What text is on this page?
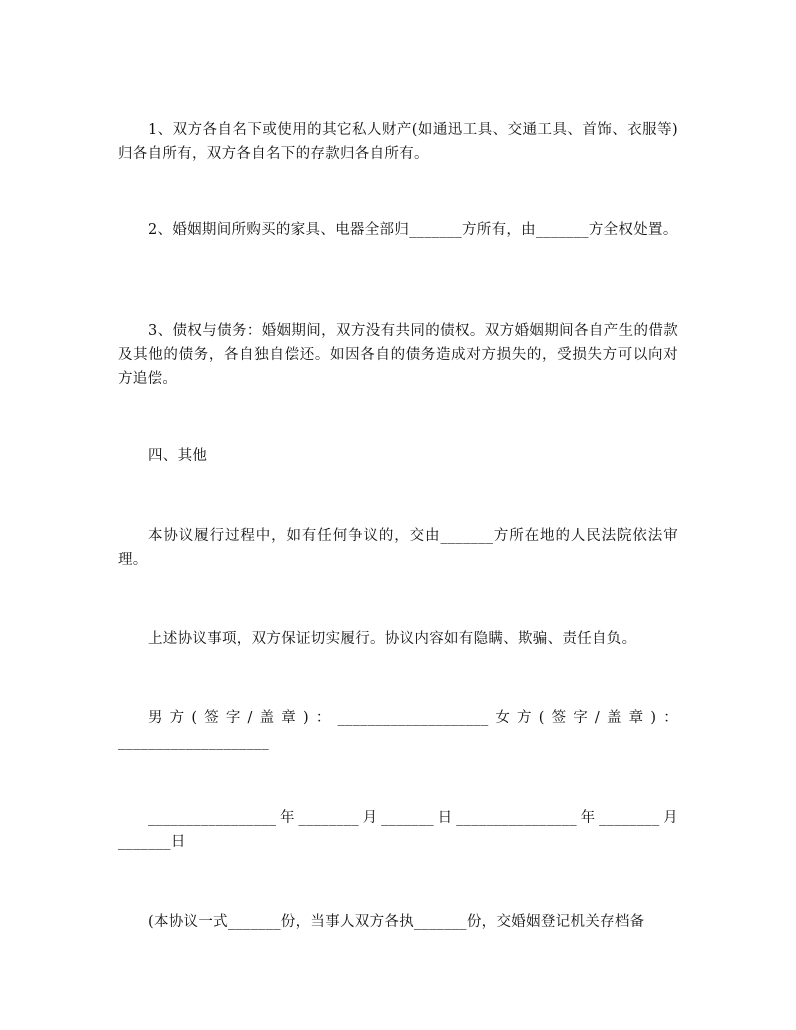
1、双方各自名下或使用的其它私人财产(如通迅工具、交通工具、首饰、衣服等)归各自所有，双方各自名下的存款归各自所有。

2、婚姻期间所购买的家具、电器全部归_______方所有，由_______方全权处置。

3、债权与债务：婚姻期间，双方没有共同的债权。双方婚姻期间各自产生的借款及其他的债务，各自独自偿还。如因各自的债务造成对方损失的，受损失方可以向对方追偿。

四、其他

本协议履行过程中，如有任何争议的，交由_______方所在地的人民法院依法审理。

上述协议事项，双方保证切实履行。协议内容如有隐瞒、欺骗、责任自负。

男方(签字/盖章)：____________________女方(签字/盖章)：____________________

_________________年________月_______日________________年________月_______日

(本协议一式_______份，当事人双方各执_______份，交婚姻登记机关存档备
